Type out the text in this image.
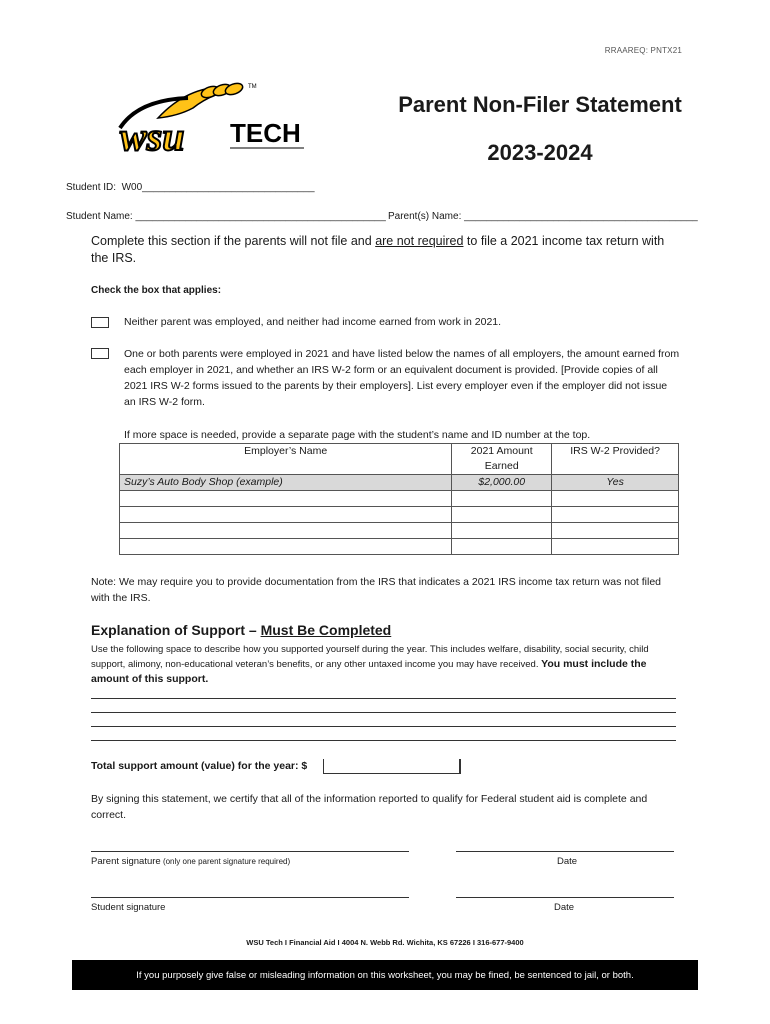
RRAAREQ: PNTX21
TM
wsu TECH
Parent Non-Filer Statement
2023-2024
Student ID: W00_______________________________
Student Name: _____________________________________________ Parent(s) Name: __________________________________________
Complete this section if the parents will not file and are not required to file a 2021 income tax return with the IRS.
Check the box that applies:
Neither parent was employed, and neither had income earned from work in 2021.
One or both parents were employed in 2021 and have listed below the names of all employers, the amount earned from each employer in 2021, and whether an IRS W-2 form or an equivalent document is provided. [Provide copies of all 2021 IRS W-2 forms issued to the parents by their employers]. List every employer even if the employer did not issue an IRS W-2 form.
If more space is needed, provide a separate page with the student’s name and ID number at the top.
Employer’s Name	2021 Amount Earned	IRS W-2 Provided?
Suzy’s Auto Body Shop (example)	$2,000.00	Yes

Note: We may require you to provide documentation from the IRS that indicates a 2021 IRS income tax return was not filed with the IRS.
Explanation of Support – Must Be Completed
Use the following space to describe how you supported yourself during the year. This includes welfare, disability, social security, child support, alimony, non-educational veteran’s benefits, or any other untaxed income you may have received. You must include the amount of this support.
Total support amount (value) for the year: $
By signing this statement, we certify that all of the information reported to qualify for Federal student aid is complete and correct.
Parent signature (only one parent signature required)	Date
Student signature	Date
WSU Tech I Financial Aid I 4004 N. Webb Rd. Wichita, KS 67226 I 316-677-9400
If you purposely give false or misleading information on this worksheet, you may be fined, be sentenced to jail, or both.
